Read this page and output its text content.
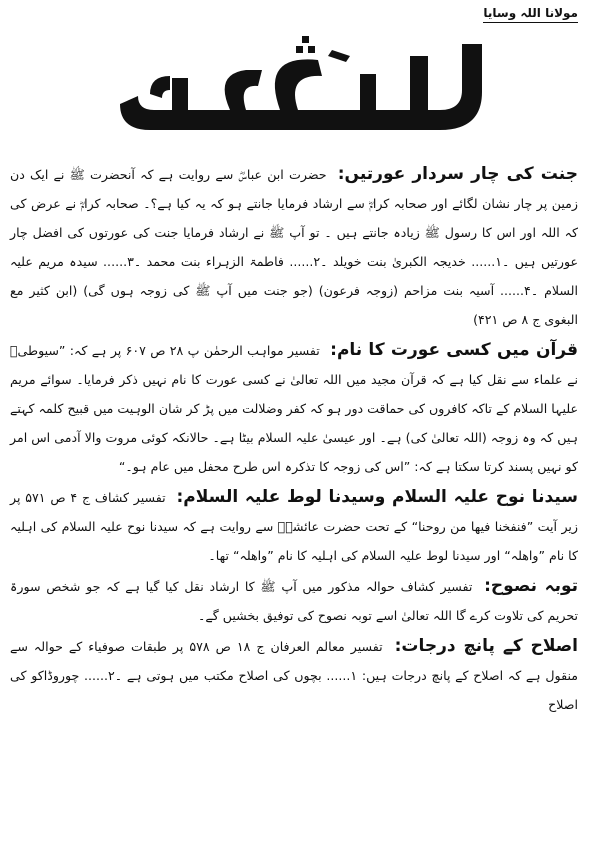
مولانا اللہ وسایا

جنت کی چار سردار عورتیں: حضرت ابن عباسؓ سے روایت ہے کہ آنحضرت ﷺ نے ایک دن زمین پر چار نشان لگائے اور صحابہ کرامؓ سے ارشاد فرمایا جانتے ہو کہ یہ کیا ہے؟۔ صحابہ کرامؓ نے عرض کی کہ اللہ اور اس کا رسول ﷺ زیادہ جانتے ہیں ۔ تو آپ ﷺ نے ارشاد فرمایا جنت کی عورتوں کی افضل چار عورتیں ہیں ۔۱...... خدیجہ الکبریٰ بنت خویلد ۔۲...... فاطمۃ الزہراء بنت محمد ۔۳...... سیدہ مریم علیہ السلام ۔۴...... آسیہ بنت مزاحم (زوجہ فرعون) (جو جنت میں آپ ﷺ کی زوجہ ہوں گی) (ابن کثیر مع البغوی ج ۸ ص ۴۲۱)

قرآن میں کسی عورت کا نام: تفسیر مواہب الرحمٰن پ ۲۸ ص ۶۰۷ پر ہے کہ: ”سیوطیؒ نے علماء سے نقل کیا ہے کہ قرآن مجید میں اللہ تعالیٰ نے کسی عورت کا نام نہیں ذکر فرمایا۔ سوائے مریم علیہا السلام کے تاکہ کافروں کی حماقت دور ہو کہ کفر وضلالت میں پڑ کر شان الوہیت میں قبیح کلمہ کہتے ہیں کہ وہ زوجہ (اللہ تعالیٰ کی) ہے۔ اور عیسیٰ علیہ السلام بیٹا ہے۔ حالانکہ کوئی مروت والا آدمی اس امر کو نہیں پسند کرتا سکتا ہے کہ: ”اس کی زوجہ کا تذکرہ اس طرح محفل میں عام ہو۔“

سیدنا نوح علیہ السلام وسیدنا لوط علیہ السلام: تفسیر کشاف ج ۴ ص ۵۷۱ پر زیر آیت ”فنفخنا فیھا من روحنا“ کے تحت حضرت عائشہؓ سے روایت ہے کہ سیدنا نوح علیہ السلام کی اہلیہ کا نام ”واھلہ“ اور سیدنا لوط علیہ السلام کی اہلیہ کا نام ”واھلہ“ تھا۔

توبہ نصوح: تفسیر کشاف حوالہ مذکور میں آپ ﷺ کا ارشاد نقل کیا گیا ہے کہ جو شخص سورۃ تحریم کی تلاوت کرے گا اللہ تعالیٰ اسے توبہ نصوح کی توفیق بخشیں گے۔

اصلاح کے پانچ درجات: تفسیر معالم العرفان ج ۱۸ ص ۵۷۸ پر طبقات صوفیاء کے حوالہ سے منقول ہے کہ اصلاح کے پانچ درجات ہیں: ۱...... بچوں کی اصلاح مکتب میں ہوتی ہے ۔۲...... چوروڈاکو کی اصلاح
